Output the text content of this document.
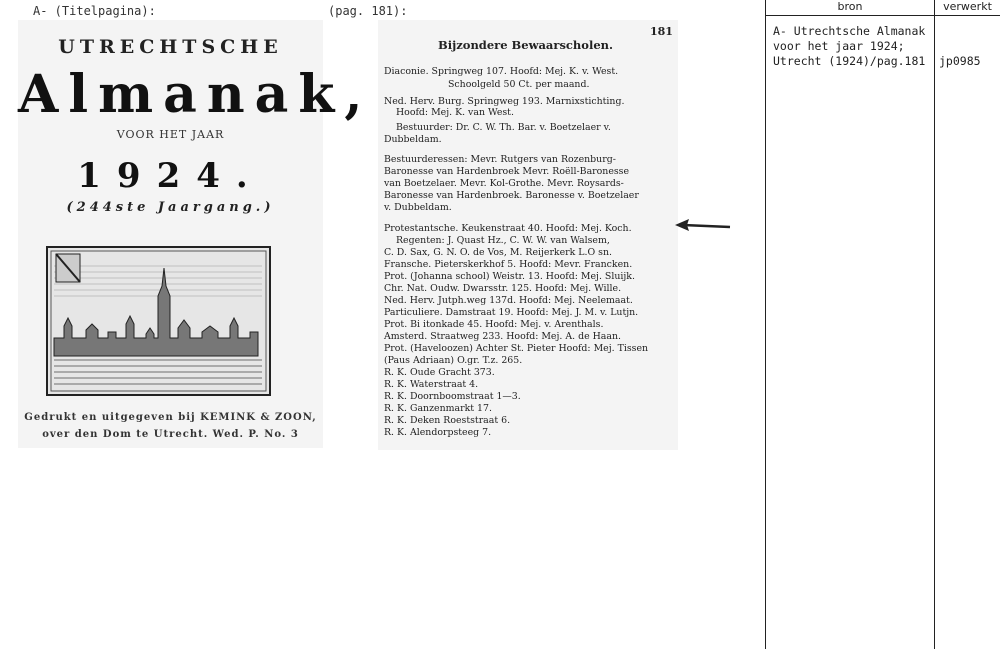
A- (Titelpagina):	(pag. 181):
UTRECHTSCHE
Almanak,
VOOR HET JAAR
1924.
(244ste Jaargang.)
Gedrukt en uitgegeven bij KEMINK & ZOON,
over den Dom te Utrecht. Wed. P. No. 3
181
Bijzondere Bewaarscholen.
Diaconie. Springweg 107. Hoofd: Mej. K. v. West.
Schoolgeld 50 Ct. per maand.
Ned. Herv. Burg. Springweg 193. Marnixstichting.
Hoofd: Mej. K. van West.
Bestuurder: Dr. C. W. Th. Bar. v. Boetzelaer v.
Dubbeldam.
Bestuurderessen: Mevr. Rutgers van Rozenburg-
Baronesse van Hardenbroek Mevr. Roëll-Baronesse
van Boetzelaer. Mevr. Kol-Grothe. Mevr. Roysards-
Baronesse van Hardenbroek. Baronesse v. Boetzelaer
v. Dubbeldam.
Protestantsche. Keukenstraat 40. Hoofd: Mej. Koch.
Regenten: J. Quast Hz., C. W. W. van Walsem,
C. D. Sax, G. N. O. de Vos, M. Reijerkerk L.O sn.
Fransche. Pieterskerkhof 5. Hoofd: Mevr. Francken.
Prot. (Johanna school) Weistr. 13. Hoofd: Mej. Sluijk.
Chr. Nat. Oudw. Dwarsstr. 125. Hoofd: Mej. Wille.
Ned. Herv. Jutph.weg 137d. Hoofd: Mej. Neelemaat.
Particuliere. Damstraat 19. Hoofd: Mej. J. M. v. Lutjn.
Prot. Bi itonkade 45. Hoofd: Mej. v. Arenthals.
Amsterd. Straatweg 233. Hoofd: Mej. A. de Haan.
Prot. (Haveloozen) Achter St. Pieter Hoofd: Mej. Tissen
(Paus Adriaan) O.gr. T.z. 265.
R. K. Oude Gracht 373.
R. K. Waterstraat 4.
R. K. Doornboomstraat 1—3.
R. K. Ganzenmarkt 17.
R. K. Deken Roeststraat 6.
R. K. Alendorpsteeg 7.
bron	verwerkt
A- Utrechtsche Almanak
voor het jaar 1924;
Utrecht (1924)/pag.181	jp0985
